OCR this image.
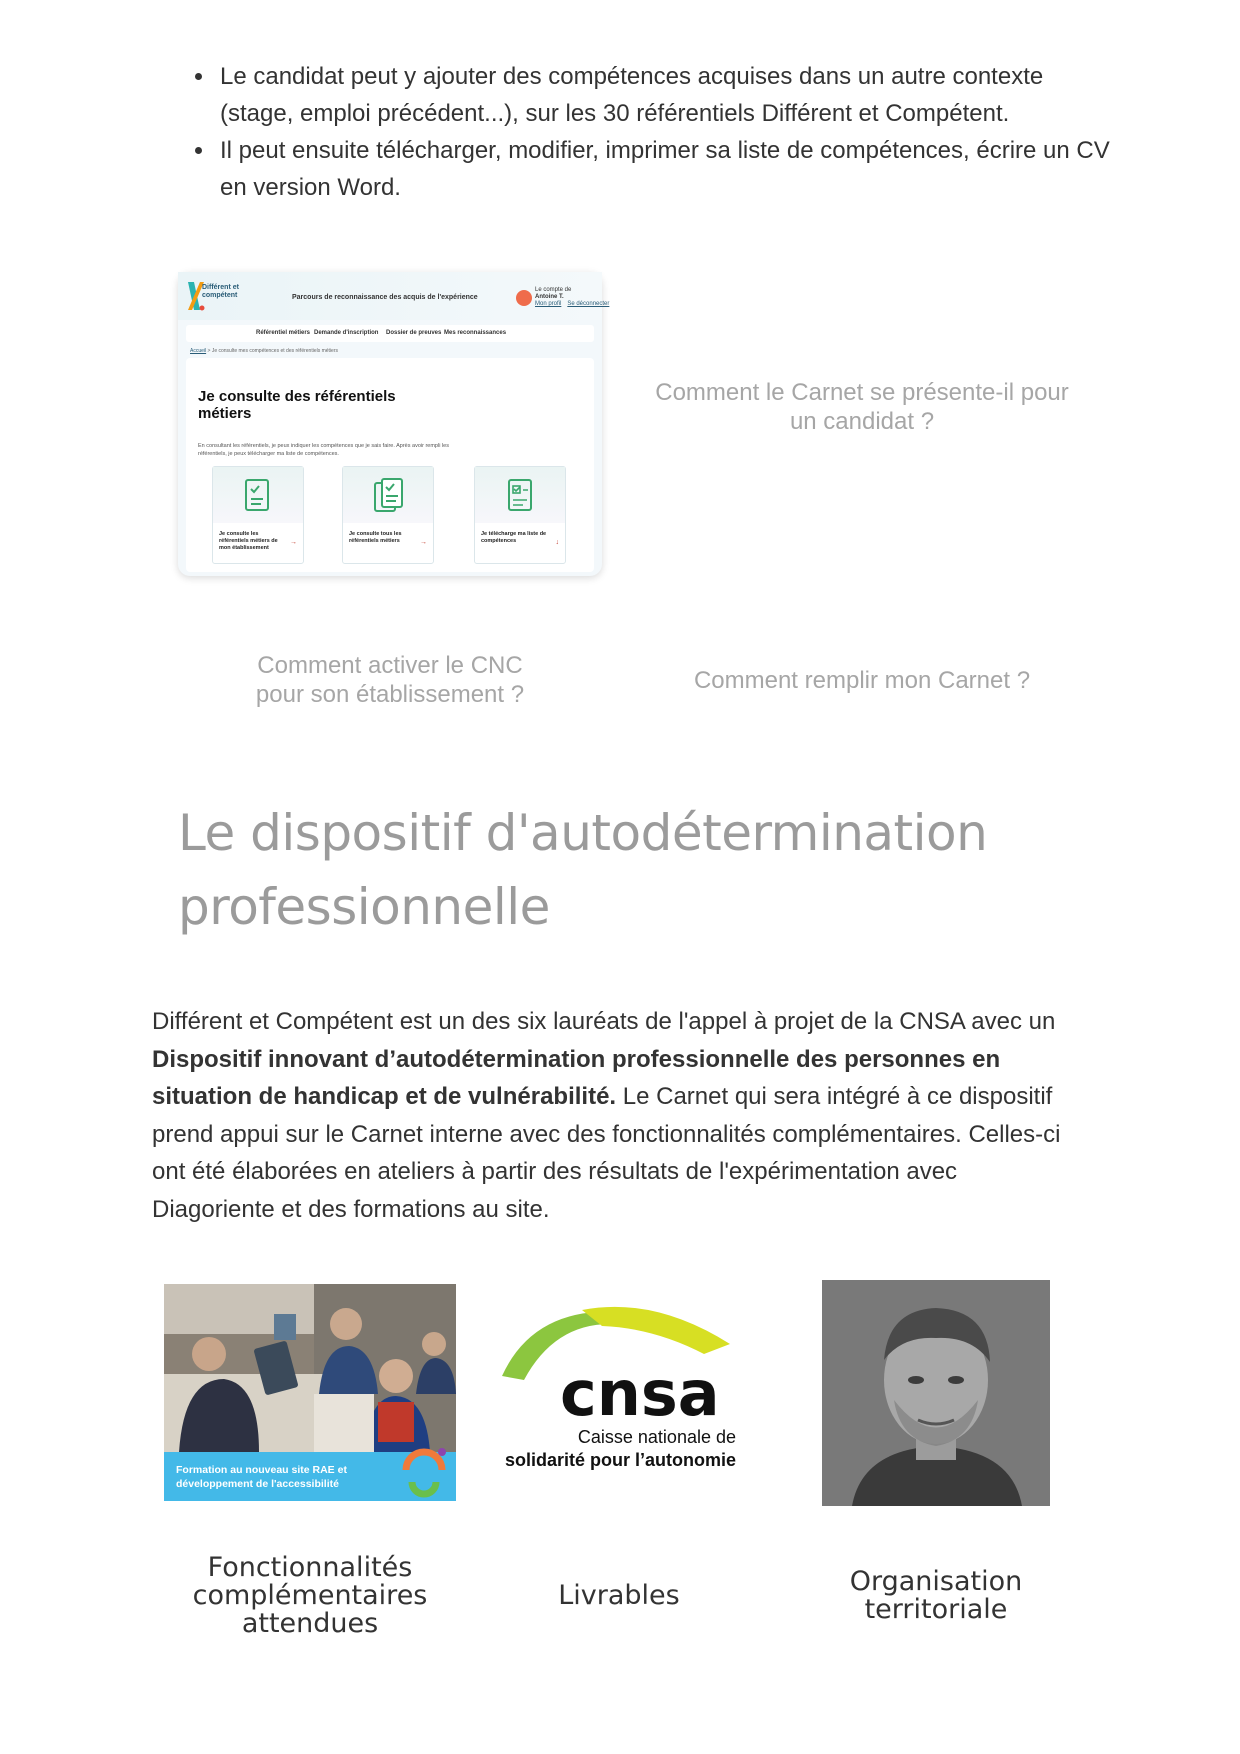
• Le candidat peut y ajouter des compétences acquises dans un autre contexte (stage, emploi précédent...), sur les 30 référentiels Différent et Compétent.
• Il peut ensuite télécharger, modifier, imprimer sa liste de compétences, écrire un CV en version Word.
Différent et
compétent	Parcours de reconnaissance des acquis de l'expérience
Le compte de
Antoine T.
Mon profil Se déconnecter
Référentiel métiers Demande d'inscription Dossier de preuves Mes reconnaissances
Accueil > Je consulte mes compétences et des référentiels métiers
Je consulte des référentiels métiers
En consultant les référentiels, je peux indiquer les compétences que je sais faire. Après avoir rempli les référentiels, je peux télécharger ma liste de compétences.
Je consulte les référentiels métiers de mon établissement
→
Je consulte tous les référentiels métiers	→
Je télécharge ma liste de compétences	↓
Comment le Carnet se présente-il pour un candidat ?
Comment activer le CNC pour son établissement ?
Comment remplir mon Carnet ?
Le dispositif d'autodétermination professionnelle

Différent et Compétent est un des six lauréats de l'appel à projet de la CNSA avec un Dispositif innovant d’autodétermination professionnelle des personnes en situation de handicap et de vulnérabilité. Le Carnet qui sera intégré à ce dispositif prend appui sur le Carnet interne avec des fonctionnalités complémentaires. Celles-ci ont été élaborées en ateliers à partir des résultats de l'expérimentation avec Diagoriente et des formations au site.

Formation au nouveau site RAE et développement de l'accessibilité
cnsa
Caisse nationale de
solidarité pour l’autonomie
Fonctionnalités complémentaires attendues
Livrables	Organisation territoriale
